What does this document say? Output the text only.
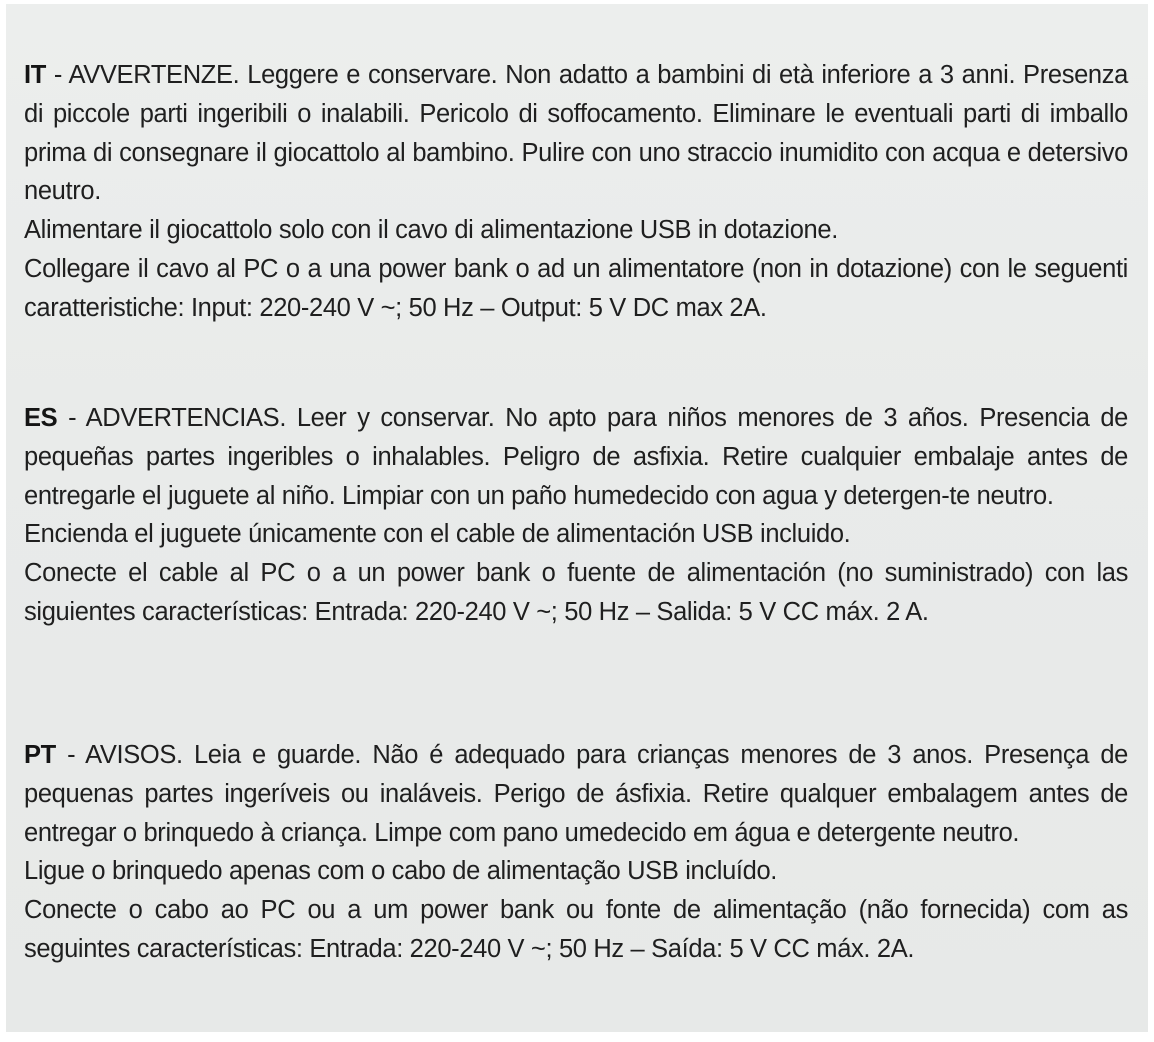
IT - AVVERTENZE. Leggere e conservare. Non adatto a bambini di età inferiore a 3 anni. Presenza di piccole parti ingeribili o inalabili. Pericolo di soffocamento. Eliminare le eventuali parti di imballo prima di consegnare il giocattolo al bambino. Pulire con uno straccio inumidito con acqua e detersivo neutro.

Alimentare il giocattolo solo con il cavo di alimentazione USB in dotazione.

Collegare il cavo al PC o a una power bank o ad un alimentatore (non in dotazione) con le seguenti caratteristiche: Input: 220-240 V ~; 50 Hz – Output: 5 V DC max 2A.

ES - ADVERTENCIAS. Leer y conservar. No apto para niños menores de 3 años. Presencia de pequeñas partes ingeribles o inhalables. Peligro de asfixia. Retire cualquier embalaje antes de entregarle el juguete al niño. Limpiar con un paño humedecido con agua y detergen-te neutro.

Encienda el juguete únicamente con el cable de alimentación USB incluido.

Conecte el cable al PC o a un power bank o fuente de alimentación (no suministrado) con las siguientes características: Entrada: 220-240 V ~; 50 Hz – Salida: 5 V CC máx. 2 A.

PT - AVISOS. Leia e guarde. Não é adequado para crianças menores de 3 anos. Presença de pequenas partes ingeríveis ou inaláveis. Perigo de ásfixia. Retire qualquer embalagem antes de entregar o brinquedo à criança. Limpe com pano umedecido em água e detergente neutro.

Ligue o brinquedo apenas com o cabo de alimentação USB incluído.

Conecte o cabo ao PC ou a um power bank ou fonte de alimentação (não fornecida) com as seguintes características: Entrada: 220-240 V ~; 50 Hz – Saída: 5 V CC máx. 2A.
